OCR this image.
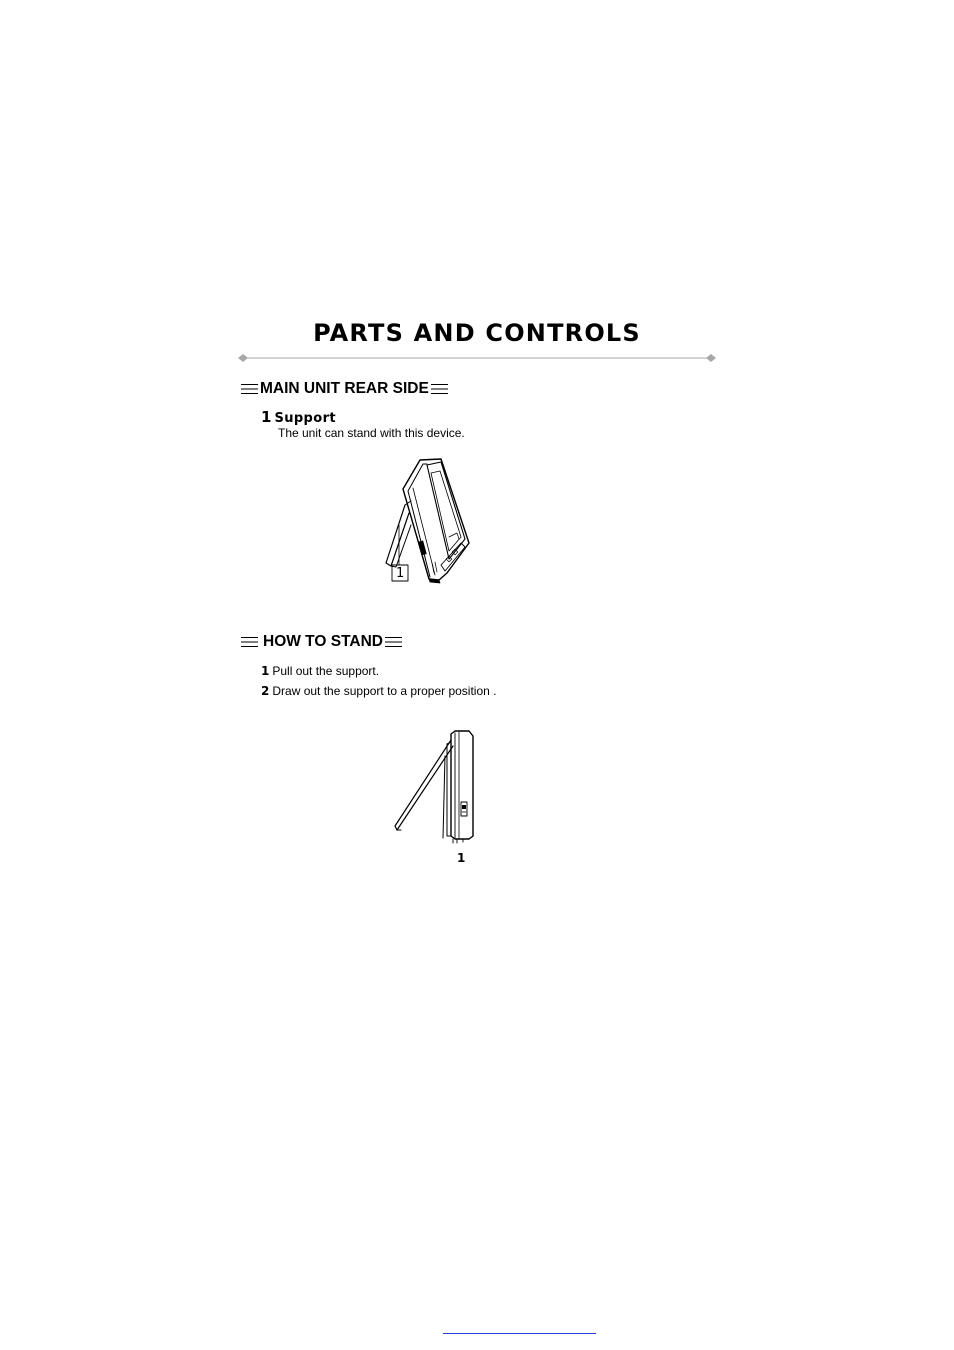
PARTS AND CONTROLS
MAIN UNIT REAR SIDE
1 Support
The unit can stand with this device.
1
HOW TO STAND
1 Pull out the support.
2 Draw out the support to a proper position .
1
